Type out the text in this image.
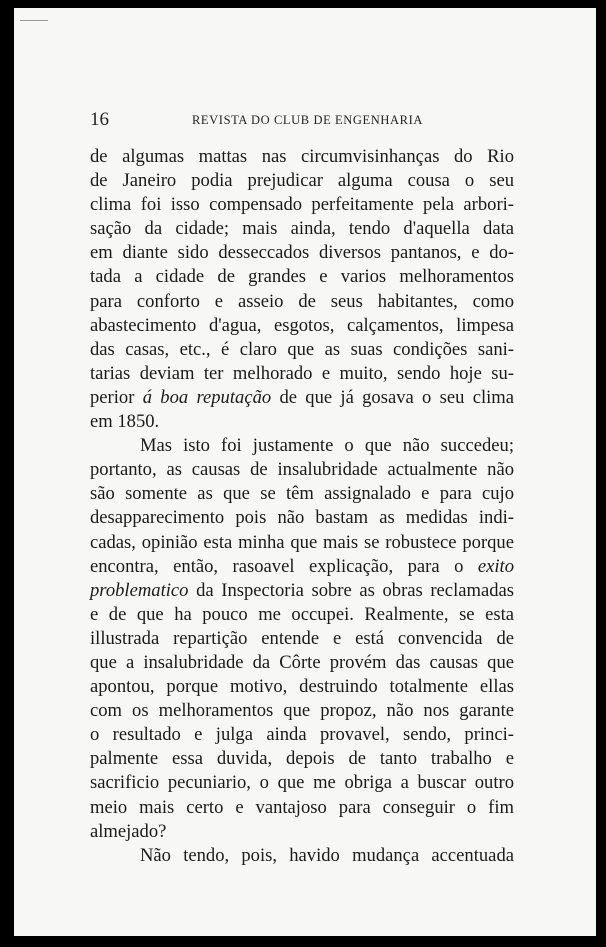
16	REVISTA DO CLUB DE ENGENHARIA
de algumas mattas nas circumvisinhanças do Rio
de Janeiro podia prejudicar alguma cousa o seu
clima foi isso compensado perfeitamente pela arbori-
sação da cidade; mais ainda, tendo d'aquella data
em diante sido desseccados diversos pantanos, e do-
tada a cidade de grandes e varios melhoramentos
para conforto e asseio de seus habitantes, como
abastecimento d'agua, esgotos, calçamentos, limpesa
das casas, etc., é claro que as suas condições sani-
tarias deviam ter melhorado e muito, sendo hoje su-
perior á boa reputação de que já gosava o seu clima
em 1850.
Mas isto foi justamente o que não succedeu;
portanto, as causas de insalubridade actualmente não
são somente as que se têm assignalado e para cujo
desapparecimento pois não bastam as medidas indi-
cadas, opinião esta minha que mais se robustece porque
encontra, então, rasoavel explicação, para o exito
problematico da Inspectoria sobre as obras reclamadas
e de que ha pouco me occupei. Realmente, se esta
illustrada repartição entende e está convencida de
que a insalubridade da Côrte provém das causas que
apontou, porque motivo, destruindo totalmente ellas
com os melhoramentos que propoz, não nos garante
o resultado e julga ainda provavel, sendo, princi-
palmente essa duvida, depois de tanto trabalho e
sacrificio pecuniario, o que me obriga a buscar outro
meio mais certo e vantajoso para conseguir o fim
almejado?
Não tendo, pois, havido mudança accentuada
